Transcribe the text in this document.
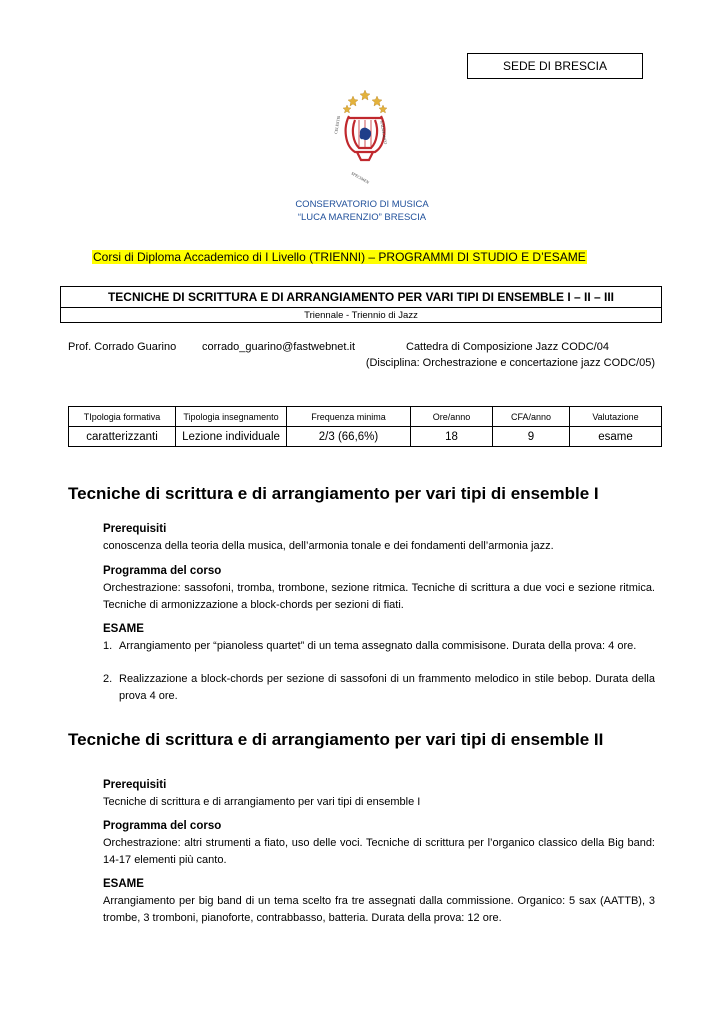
SEDE DI BRESCIA
CELESTIS
SPECIMEN
CONCENTUS
CONSERVATORIO DI MUSICA
“LUCA MARENZIO” BRESCIA
Corsi di Diploma Accademico di I Livello (TRIENNI) – PROGRAMMI DI STUDIO E D’ESAME
TECNICHE DI SCRITTURA E DI ARRANGIAMENTO PER VARI TIPI DI ENSEMBLE I – II – III
Triennale - Triennio di Jazz
Prof. Corrado Guarino corrado_guarino@fastwebnet.it	Cattedra di Composizione Jazz CODC/04
(Disciplina: Orchestrazione e concertazione jazz CODC/05)
TIpologia formativa	Tipologia insegnamento	Frequenza minima	Ore/anno	CFA/anno	Valutazione
caratterizzanti	Lezione individuale	2/3 (66,6%)	18	9	esame
Tecniche di scrittura e di arrangiamento per vari tipi di ensemble I
Prerequisiti
conoscenza della teoria della musica, dell’armonia tonale e dei fondamenti dell’armonia jazz.
Programma del corso
Orchestrazione: sassofoni, tromba, trombone, sezione ritmica. Tecniche di scrittura a due voci e sezione ritmica. Tecniche di armonizzazione a block-chords per sezioni di fiati.
ESAME
1. Arrangiamento per “pianoless quartet” di un tema assegnato dalla commisisone. Durata della prova: 4 ore.
2. Realizzazione a block-chords per sezione di sassofoni di un frammento melodico in stile bebop. Durata della prova 4 ore.
Tecniche di scrittura e di arrangiamento per vari tipi di ensemble II
Prerequisiti
Tecniche di scrittura e di arrangiamento per vari tipi di ensemble I
Programma del corso
Orchestrazione: altri strumenti a fiato, uso delle voci. Tecniche di scrittura per l’organico classico della Big band: 14-17 elementi più canto.
ESAME
Arrangiamento per big band di un tema scelto fra tre assegnati dalla commissione. Organico: 5 sax (AATTB), 3 trombe, 3 tromboni, pianoforte, contrabbasso, batteria. Durata della prova: 12 ore.
